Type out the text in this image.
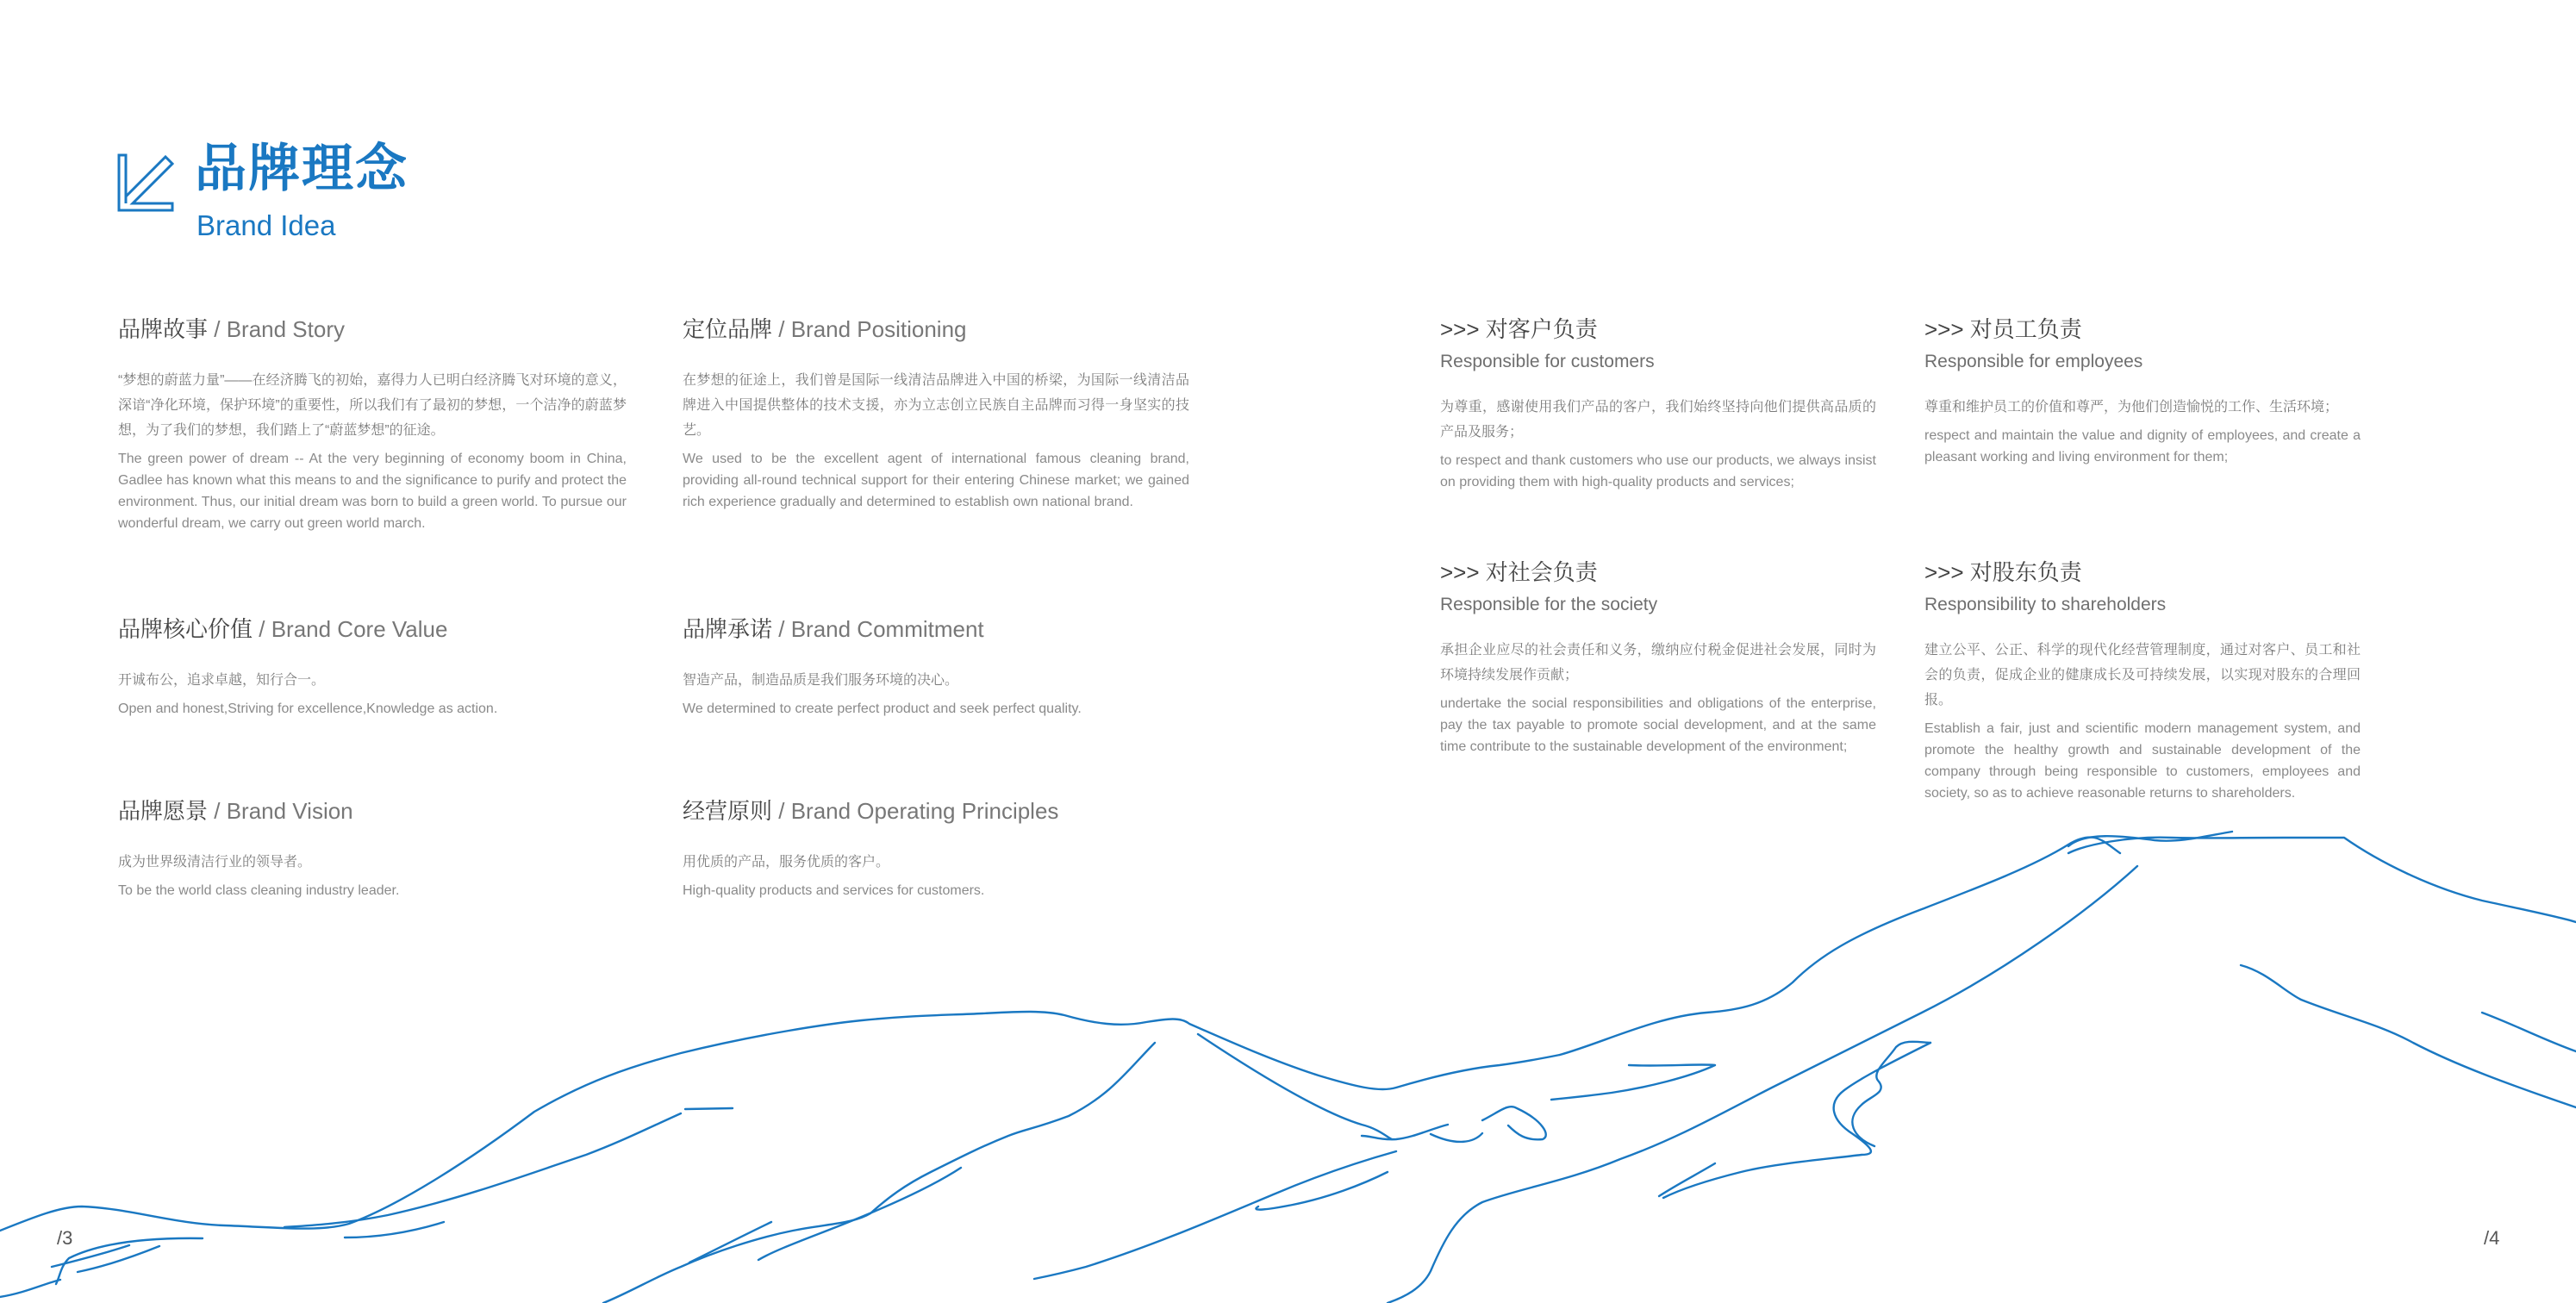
品牌理念
Brand Idea
品牌故事 / Brand Story
“梦想的蔚蓝力量”——在经济腾飞的初始，嘉得力人已明白经济腾飞对环境的意义，深谙“净化环境，保护环境”的重要性，所以我们有了最初的梦想，一个洁净的蔚蓝梦想，为了我们的梦想，我们踏上了“蔚蓝梦想”的征途。
The green power of dream -- At the very beginning of economy boom in China, Gadlee has known what this means to and the significance to purify and protect the environment. Thus, our initial dream was born to build a green world. To pursue our wonderful dream, we carry out green world march.
定位品牌 / Brand Positioning
在梦想的征途上，我们曾是国际一线清洁品牌进入中国的桥梁，为国际一线清洁品牌进入中国提供整体的技术支援，亦为立志创立民族自主品牌而习得一身坚实的技艺。
We used to be the excellent agent of international famous cleaning brand, providing all-round technical support for their entering Chinese market; we gained rich experience gradually and determined to establish own national brand.
品牌核心价值 / Brand Core Value
开诚布公，追求卓越，知行合一。
Open and honest,Striving for excellence,Knowledge as action.
品牌承诺 / Brand Commitment
智造产品，制造品质是我们服务环境的决心。
We determined to create perfect product and seek perfect quality.
品牌愿景 / Brand Vision
成为世界级清洁行业的领导者。
To be the world class cleaning industry leader.
经营原则 / Brand Operating Principles
用优质的产品，服务优质的客户。
High-quality products and services for customers.
>>> 对客户负责
Responsible for customers
为尊重，感谢使用我们产品的客户，我们始终坚持向他们提供高品质的产品及服务；
to respect and thank customers who use our products, we always insist on providing them with high-quality products and services;
>>> 对员工负责
Responsible for employees
尊重和维护员工的价值和尊严，为他们创造愉悦的工作、生活环境；
respect and maintain the value and dignity of employees, and create a pleasant working and living environment for them;
>>> 对社会负责
Responsible for the society
承担企业应尽的社会责任和义务，缴纳应付税金促进社会发展，同时为环境持续发展作贡献；
undertake the social responsibilities and obligations of the enterprise, pay the tax payable to promote social development, and at the same time contribute to the sustainable development of the environment;
>>> 对股东负责
Responsibility to shareholders
建立公平、公正、科学的现代化经营管理制度，通过对客户、员工和社会的负责，促成企业的健康成长及可持续发展，以实现对股东的合理回报。
Establish a fair, just and scientific modern management system, and promote the healthy growth and sustainable development of the company through being responsible to customers, employees and society, so as to achieve reasonable returns to shareholders.
/3	/4
